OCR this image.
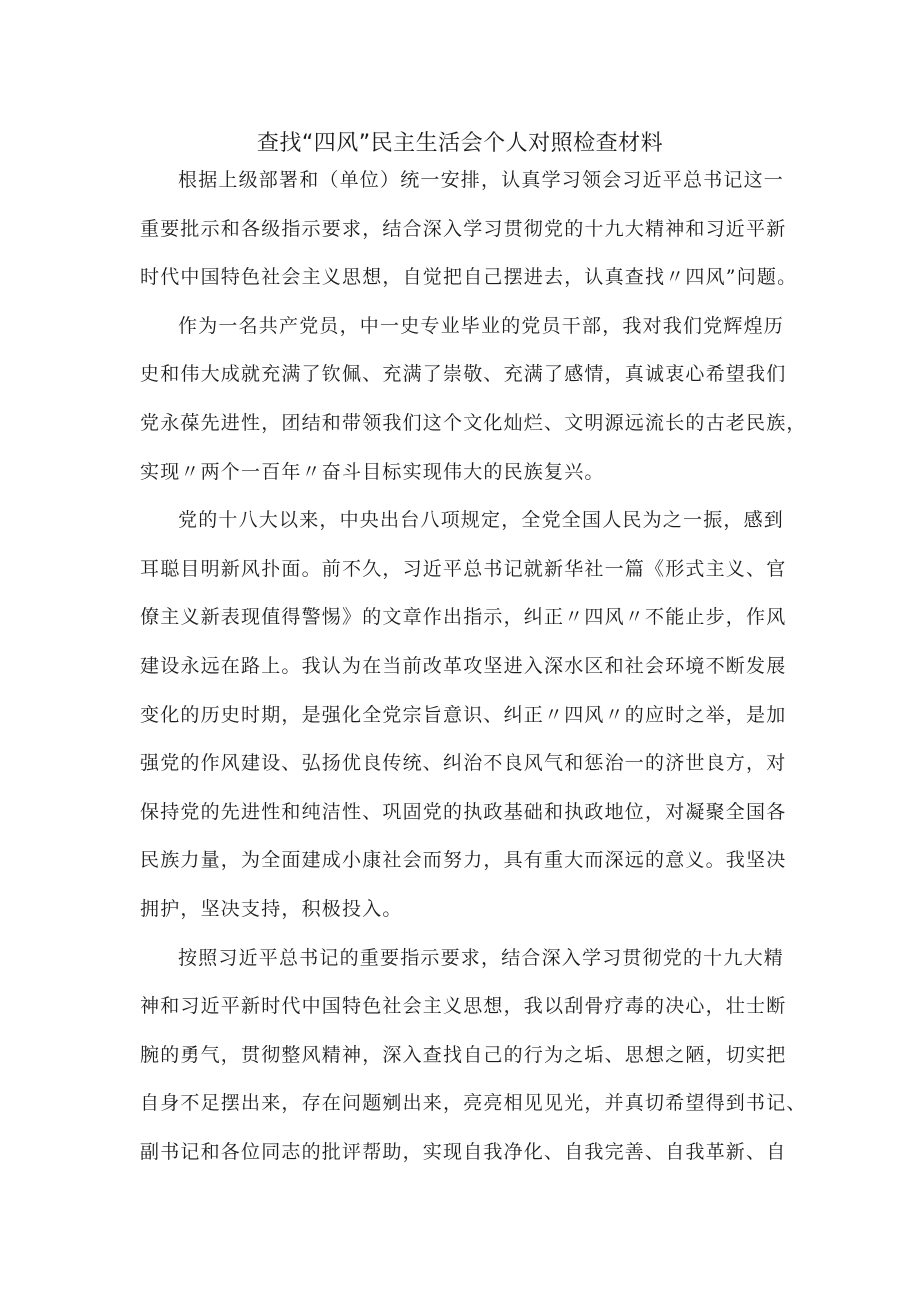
查找“四风”民主生活会个人对照检查材料
根据上级部署和（单位）统一安排，认真学习领会习近平总书记这一
重要批示和各级指示要求，结合深入学习贯彻党的十九大精神和习近平新
时代中国特色社会主义思想，自觉把自己摆进去，认真查找〃四风”问题。
作为一名共产党员，中一史专业毕业的党员干部，我对我们党辉煌历
史和伟大成就充满了钦佩、充满了崇敬、充满了感情，真诚衷心希望我们
党永葆先进性，团结和带领我们这个文化灿烂、文明源远流长的古老民族，
实现〃两个一百年〃奋斗目标实现伟大的民族复兴。
党的十八大以来，中央出台八项规定，全党全国人民为之一振，感到
耳聪目明新风扑面。前不久，习近平总书记就新华社一篇《形式主义、官
僚主义新表现值得警惕》的文章作出指示，纠正〃四风〃不能止步，作风
建设永远在路上。我认为在当前改革攻坚进入深水区和社会环境不断发展
变化的历史时期，是强化全党宗旨意识、纠正〃四风〃的应时之举，是加
强党的作风建设、弘扬优良传统、纠治不良风气和惩治一的济世良方，对
保持党的先进性和纯洁性、巩固党的执政基础和执政地位，对凝聚全国各
民族力量，为全面建成小康社会而努力，具有重大而深远的意义。我坚决
拥护，坚决支持，积极投入。
按照习近平总书记的重要指示要求，结合深入学习贯彻党的十九大精
神和习近平新时代中国特色社会主义思想，我以刮骨疗毒的决心，壮士断
腕的勇气，贯彻整风精神，深入查找自己的行为之垢、思想之陋，切实把
自身不足摆出来，存在问题剜出来，亮亮相见见光，并真切希望得到书记、
副书记和各位同志的批评帮助，实现自我净化、自我完善、自我革新、自
